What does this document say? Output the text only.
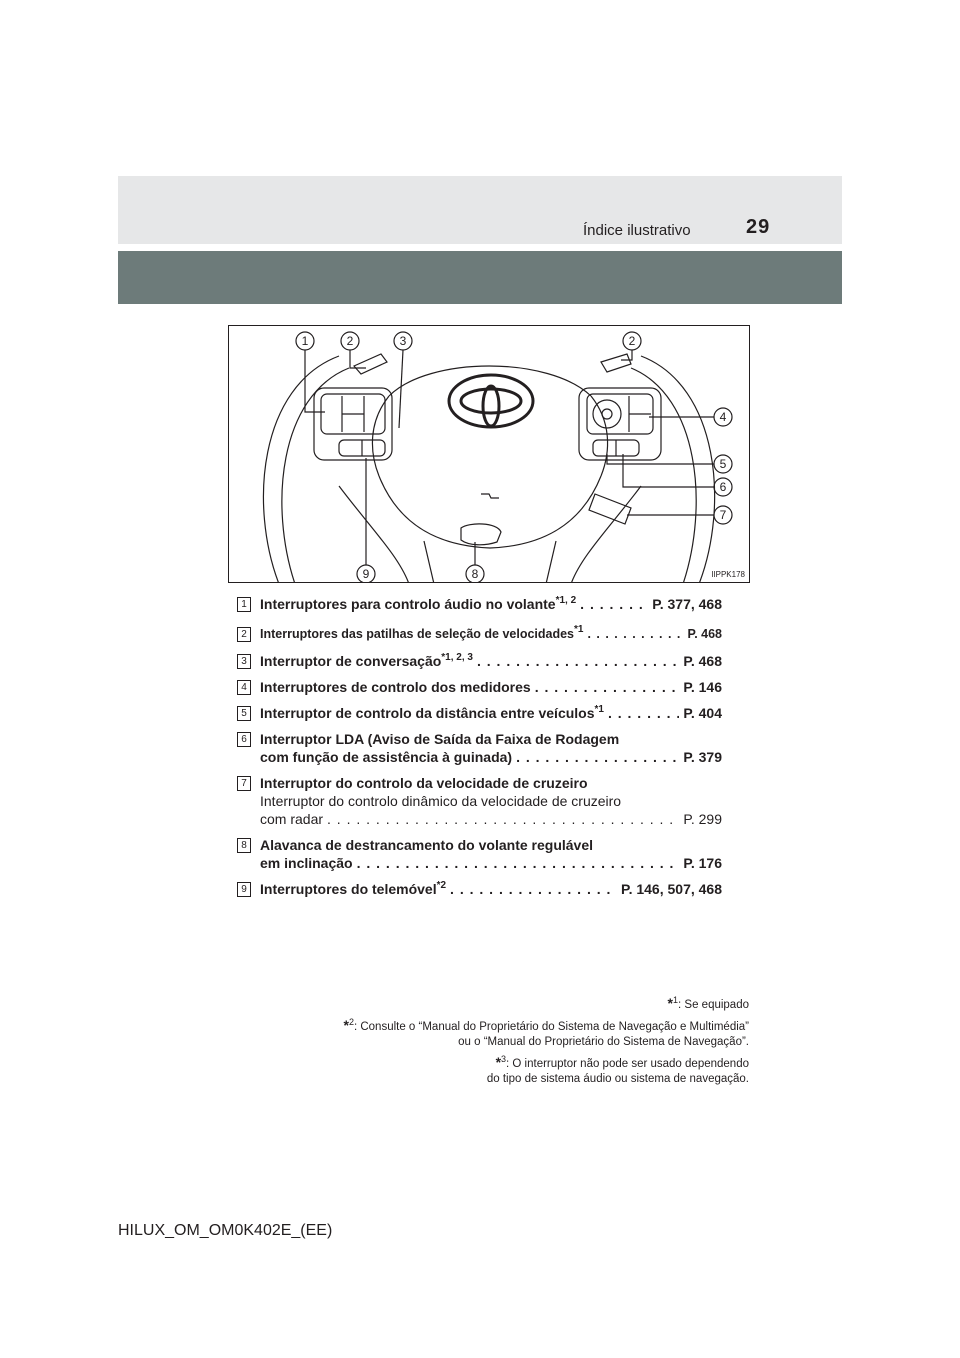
Índice ilustrativo	29
1	2	3	2
4
5
6
7
8
9	IIPPK178
1 Interruptores para controlo áudio no volante$^{*1, 2}$ . . .	P. 377, 468
2	Interruptores das patilhas de seleção de velocidades$^{*1}$ . . .	P. 468
3 Interruptor de conversação$^{*1, 2, 3}$ . . .	P. 468
4 Interruptores de controlo dos medidores . . .	P. 146
5 Interruptor de controlo da distância entre veículos$^{*1}$ . . .	P. 404
6 Interruptor LDA (Aviso de Saída da Faixa de Rodagem
com função de assistência à guinada) . . .	P. 379
7 Interruptor do controlo da velocidade de cruzeiro
Interruptor do controlo dinâmico da velocidade de cruzeiro
com radar . . .	P. 299
8 Alavanca de destrancamento do volante regulável
em inclinação . . .	P. 176
9 Interruptores do telemóvel$^{*2}$ . . .	P. 146, 507, 468
*$^1$: Se equipado
*$^2$: Consulte o “Manual do Proprietário do Sistema de Navegação e Multimédia”
ou o “Manual do Proprietário do Sistema de Navegação”.
*$^3$: O interruptor não pode ser usado dependendo
do tipo de sistema áudio ou sistema de navegação.
HILUX_OM_OM0K402E_(EE)
